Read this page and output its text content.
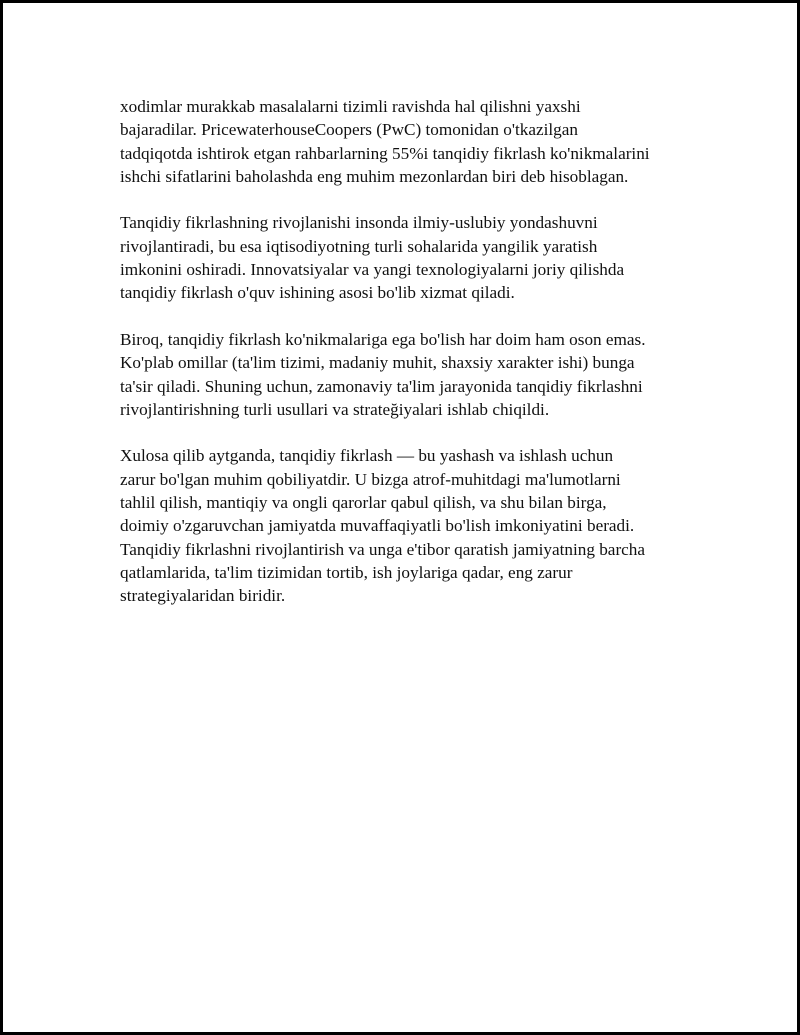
xodimlar murakkab masalalarni tizimli ravishda hal qilishni yaxshi
bajaradilar. PricewaterhouseCoopers (PwC) tomonidan o'tkazilgan
tadqiqotda ishtirok etgan rahbarlarning 55%i tanqidiy fikrlash ko'nikmalarini
ishchi sifatlarini baholashda eng muhim mezonlardan biri deb hisoblagan.

Tanqidiy fikrlashning rivojlanishi insonda ilmiy-uslubiy yondashuvni
rivojlantiradi, bu esa iqtisodiyotning turli sohalarida yangilik yaratish
imkonini oshiradi. Innovatsiyalar va yangi texnologiyalarni joriy qilishda
tanqidiy fikrlash o'quv ishining asosi bo'lib xizmat qiladi.

Biroq, tanqidiy fikrlash ko'nikmalariga ega bo'lish har doim ham oson emas.
Ko'plab omillar (ta'lim tizimi, madaniy muhit, shaxsiy xarakter ishi) bunga
ta'sir qiladi. Shuning uchun, zamonaviy ta'lim jarayonida tanqidiy fikrlashni
rivojlantirishning turli usullari va strateğiyalari ishlab chiqildi.

Xulosa qilib aytganda, tanqidiy fikrlash — bu yashash va ishlash uchun
zarur bo'lgan muhim qobiliyatdir. U bizga atrof-muhitdagi ma'lumotlarni
tahlil qilish, mantiqiy va ongli qarorlar qabul qilish, va shu bilan birga,
doimiy o'zgaruvchan jamiyatda muvaffaqiyatli bo'lish imkoniyatini beradi.
Tanqidiy fikrlashni rivojlantirish va unga e'tibor qaratish jamiyatning barcha
qatlamlarida, ta'lim tizimidan tortib, ish joylariga qadar, eng zarur
strategiyalaridan biridir.
